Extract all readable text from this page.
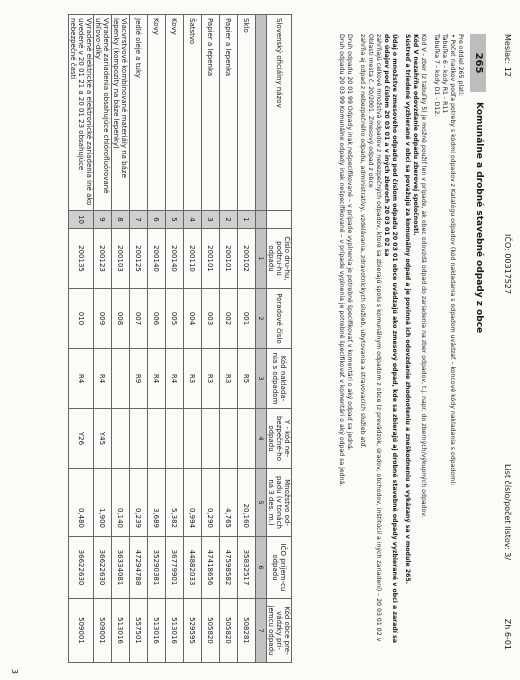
Mesiac: 12
IČO: 00317527
List číslo/počet listov: 3/
Zh 6-01
265
Komunálne a drobné stavebné odpady z obce

Pre oddiel 265 platí:

• Počet riadkov podľa potreby s kódmi odpadov z Katalógu odpadov (kód nakladania s odpadom uvádzať – koncové kódy nakladania s odpadom):

Tabuľka 6 - kódy R1 - R11

Tabuľka 7 - kódy D1 - D12.

Kód V - zber (z tabuľky 5) je možné použiť len v prípade, ak obec odovzdá odpad do zariadenia na zber odpadov, t.j. napr. do zberných/výkupných odpadov.

Kód V nezahŕňa odovzdanie odpadu zberovej spoločnosti.

Sústreď a triedené vyzbierané v obci sa považujú za komunálny odpad a je povinná ich odovzdanie zhodnoteniu a zneškodneniu a vykázaný sa v module 265.

Údaj o množstve zmesového odpadu pod číslom odpadu 20 03 01 obce uvádzajú ako zmesový odpad, kde sa zbierajú aj drobné stavebné odpady vyzbierané v obci a zaradí sa do údajov pod číslom 20 03 01 a v iných zberoch 20 03 01 02 sa

zahŕňajú celkové množstvá odpadov z nebezpečných odpadov, ktoré sa zbierajú spolu s komunálnym odpadom z obce (z prevádzok, úradov, obchodov, inštitúcií a iných zariadení) – 20 03 01 02 v Oblasti mesta č. 20/2001. Zmesový odpad z obce

zahŕňa aj odpad z nebezpečného odpadu, administratívy, vzdelávania, zdravotníckych služieb, ubytovania a stravovacích služieb atď.

Druh odpadu 20 01 99 Odpady inak nešpecifikované – v prípade vyplnenia je potrebné špecifikovať v komentári o aký odpad sa jedná.

Druh odpadu 20 03 99 Komunálne odpady inak nešpecifikované – v prípade vyplnenia je potrebné špecifikovať v komentári o aký odpad sa jedná.

Slovenský oficiálny názov		Číslo dru-hu, podtru-hu odpadu	Poradové číslo	Kód naklada-nia s odpadom	Y - kód ne-bezpečné-ho odpadu	Množstvo od-padu (v tonách na 3 des. m.)	IČO prijem-cu odpadu	Kód obce pre-vádzky pri-jemcu odpadu
		1	2	3	4	5	6	7
Sklo	1	200102	001	R5		20,160	35832517	508281
Papier a lepenka	2	200101	002	R3		4,765	47598582	505820
Papier a lepenka	3	200101	003	R3		0,290	47418656	505820
Šatstvo	4	200110	004	R3		0,994	44882033	529595
Kovy	5	200140	005	R4		5,382	36779901	513016
Kovy	6	200140	006	R4		3,689	35290381	513016
Jedlé oleje a tuky	7	200125	007	R9		0,239	47294788	557501
Viacvrstvové kombinované materiály na báze lepenky (kompozity na báze lepenky)	8	200103	008			0,140	36334081	513016
Vyradené zariadenia obsahujúce chlórofluórované uhľovo-díky	9	200123	009	R4	Y45	1,900	36622630	509001
Vyradené elektrické a elektronické zariadenia iné ako uvedené v 20 01 21 a 20 01 23 obsahujúce nebezpečné časti	10	200135	010	R4	Y26	0,480	36622630	509001
3
